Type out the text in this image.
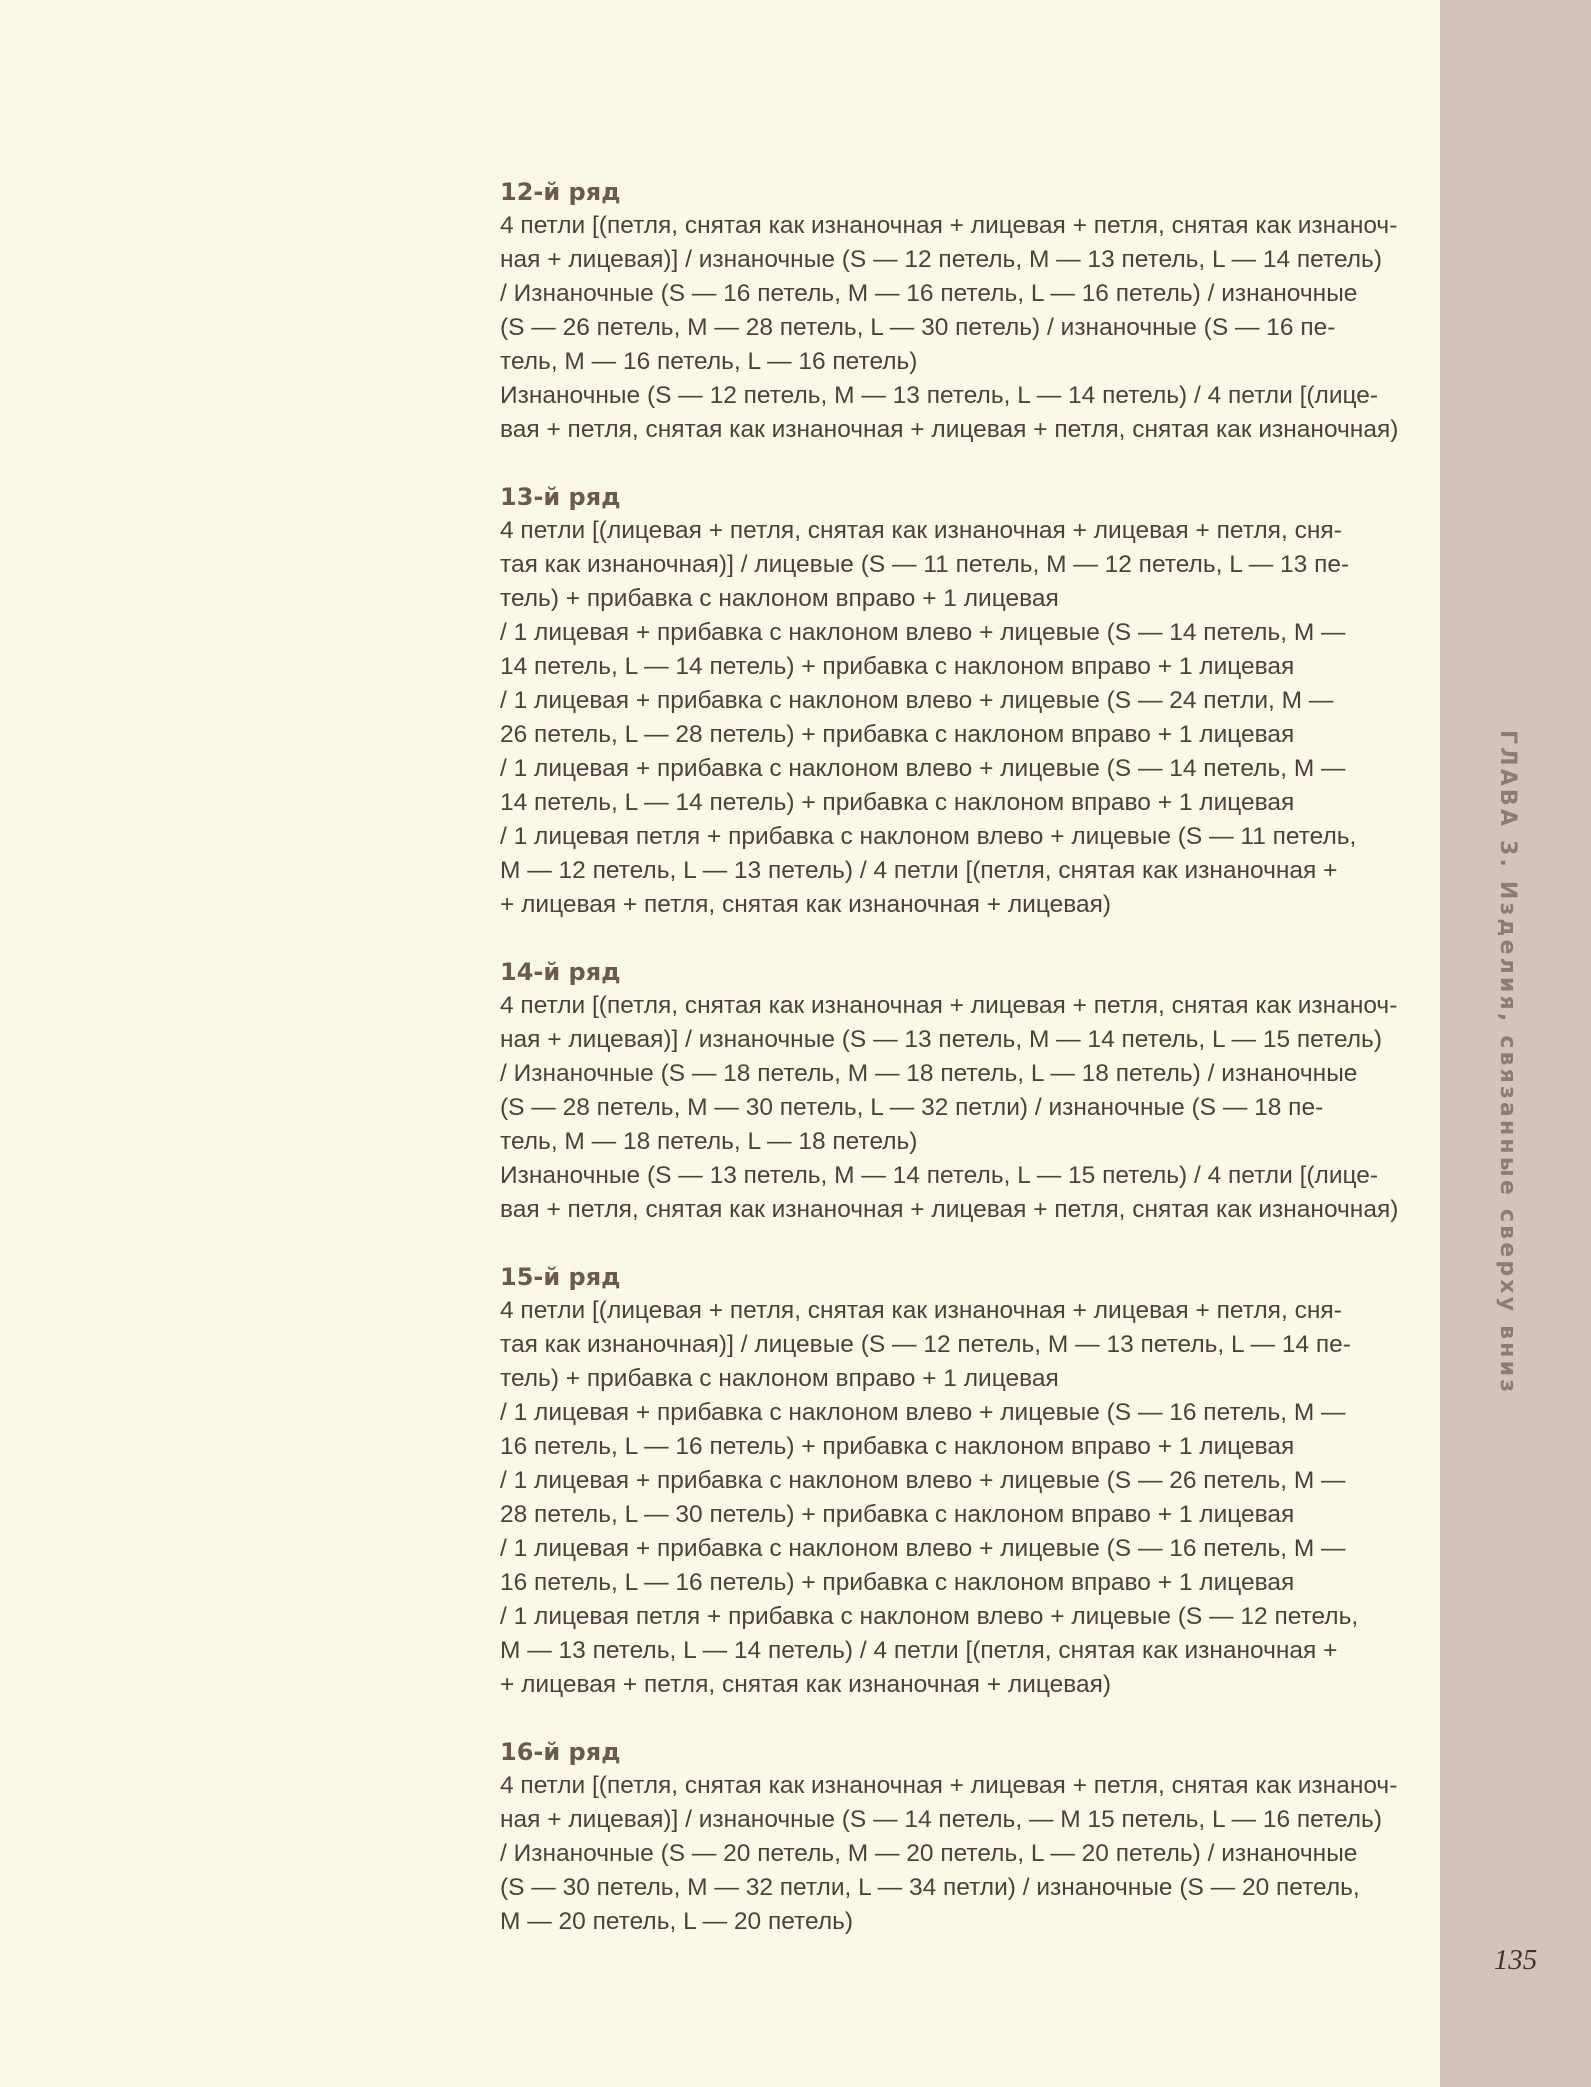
12-й ряд
4 петли [(петля, снятая как изнаночная + лицевая + петля, снятая как изнаноч-
ная + лицевая)] / изнаночные (S — 12 петель, M — 13 петель, L — 14 петель)
/ Изнаночные (S — 16 петель, M — 16 петель, L — 16 петель) / изнаночные
(S — 26 петель, M — 28 петель, L — 30 петель) / изнаночные (S — 16 пе-
тель, M — 16 петель, L — 16 петель)
Изнаночные (S — 12 петель, M — 13 петель, L — 14 петель) / 4 петли [(лице-
вая + петля, снятая как изнаночная + лицевая + петля, снятая как изнаночная)
13-й ряд
4 петли [(лицевая + петля, снятая как изнаночная + лицевая + петля, сня-
тая как изнаночная)] / лицевые (S — 11 петель, M — 12 петель, L — 13 пе-
тель) + прибавка с наклоном вправо + 1 лицевая
/ 1 лицевая + прибавка с наклоном влево + лицевые (S — 14 петель, M —
14 петель, L — 14 петель) + прибавка с наклоном вправо + 1 лицевая
/ 1 лицевая + прибавка с наклоном влево + лицевые (S — 24 петли, M —
26 петель, L — 28 петель) + прибавка с наклоном вправо + 1 лицевая
/ 1 лицевая + прибавка с наклоном влево + лицевые (S — 14 петель, M —
14 петель, L — 14 петель) + прибавка с наклоном вправо + 1 лицевая
/ 1 лицевая петля + прибавка с наклоном влево + лицевые (S — 11 петель,
M — 12 петель, L — 13 петель) / 4 петли [(петля, снятая как изнаночная +
+ лицевая + петля, снятая как изнаночная + лицевая)
14-й ряд
4 петли [(петля, снятая как изнаночная + лицевая + петля, снятая как изнаноч-
ная + лицевая)] / изнаночные (S — 13 петель, M — 14 петель, L — 15 петель)
/ Изнаночные (S — 18 петель, M — 18 петель, L — 18 петель) / изнаночные
(S — 28 петель, M — 30 петель, L — 32 петли) / изнаночные (S — 18 пе-
тель, M — 18 петель, L — 18 петель)
Изнаночные (S — 13 петель, M — 14 петель, L — 15 петель) / 4 петли [(лице-
вая + петля, снятая как изнаночная + лицевая + петля, снятая как изнаночная)
15-й ряд
4 петли [(лицевая + петля, снятая как изнаночная + лицевая + петля, сня-
тая как изнаночная)] / лицевые (S — 12 петель, M — 13 петель, L — 14 пе-
тель) + прибавка с наклоном вправо + 1 лицевая
/ 1 лицевая + прибавка с наклоном влево + лицевые (S — 16 петель, M —
16 петель, L — 16 петель) + прибавка с наклоном вправо + 1 лицевая
/ 1 лицевая + прибавка с наклоном влево + лицевые (S — 26 петель, M —
28 петель, L — 30 петель) + прибавка с наклоном вправо + 1 лицевая
/ 1 лицевая + прибавка с наклоном влево + лицевые (S — 16 петель, M —
16 петель, L — 16 петель) + прибавка с наклоном вправо + 1 лицевая
/ 1 лицевая петля + прибавка с наклоном влево + лицевые (S — 12 петель,
M — 13 петель, L — 14 петель) / 4 петли [(петля, снятая как изнаночная +
+ лицевая + петля, снятая как изнаночная + лицевая)
16-й ряд
4 петли [(петля, снятая как изнаночная + лицевая + петля, снятая как изнаноч-
ная + лицевая)] / изнаночные (S — 14 петель, — M 15 петель, L — 16 петель)
/ Изнаночные (S — 20 петель, M — 20 петель, L — 20 петель) / изнаночные
(S — 30 петель, M — 32 петли, L — 34 петли) / изнаночные (S — 20 петель,
M — 20 петель, L — 20 петель)
ГЛАВА 3. Изделия, связанные сверху вниз
135
